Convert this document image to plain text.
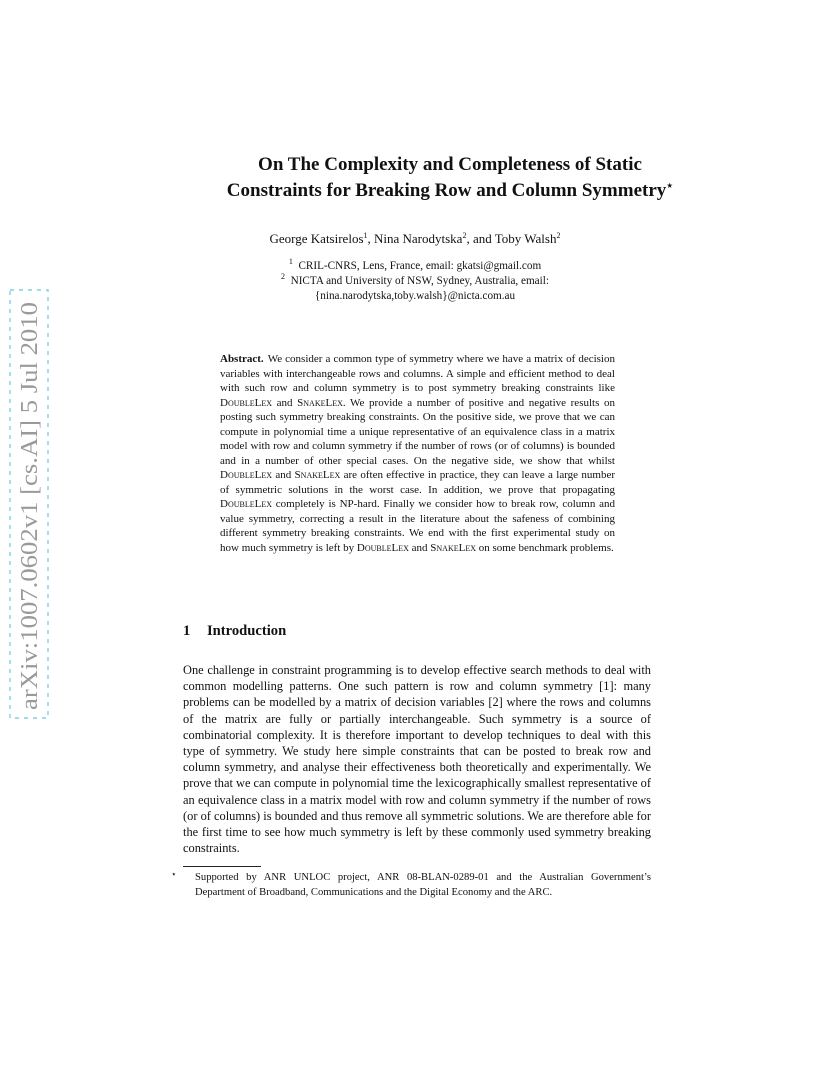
arXiv:1007.0602v1 [cs.AI] 5 Jul 2010
On The Complexity and Completeness of Static
Constraints for Breaking Row and Column Symmetry⋆
George Katsirelos$^1$, Nina Narodytska$^2$, and Toby Walsh$^2$
$^1$ CRIL-CNRS, Lens, France, email: gkatsi@gmail.com
$^2$ NICTA and University of NSW, Sydney, Australia, email:
{nina.narodytska,toby.walsh}@nicta.com.au
Abstract. We consider a common type of symmetry where we have a matrix of decision variables with interchangeable rows and columns. A simple and efficient method to deal with such row and column symmetry is to post symmetry breaking constraints like DoubleLex and SnakeLex. We provide a number of positive and negative results on posting such symmetry breaking constraints. On the positive side, we prove that we can compute in polynomial time a unique representative of an equivalence class in a matrix model with row and column symmetry if the number of rows (or of columns) is bounded and in a number of other special cases. On the negative side, we show that whilst DoubleLex and SnakeLex are often effective in practice, they can leave a large number of symmetric solutions in the worst case. In addition, we prove that propagating DoubleLex completely is NP-hard. Finally we consider how to break row, column and value symmetry, correcting a result in the literature about the safeness of combining different symmetry breaking constraints. We end with the first experimental study on how much symmetry is left by DoubleLex and SnakeLex on some benchmark problems.
1 Introduction
One challenge in constraint programming is to develop effective search methods to deal with common modelling patterns. One such pattern is row and column symmetry [1]: many problems can be modelled by a matrix of decision variables [2] where the rows and columns of the matrix are fully or partially interchangeable. Such symmetry is a source of combinatorial complexity. It is therefore important to develop techniques to deal with this type of symmetry. We study here simple constraints that can be posted to break row and column symmetry, and analyse their effectiveness both theoretically and experimentally. We prove that we can compute in polynomial time the lexicographically smallest representative of an equivalence class in a matrix model with row and column symmetry if the number of rows (or of columns) is bounded and thus remove all symmetric solutions. We are therefore able for the first time to see how much symmetry is left by these commonly used symmetry breaking constraints.
⋆ Supported by ANR UNLOC project, ANR 08-BLAN-0289-01 and the Australian Government’s Department of Broadband, Communications and the Digital Economy and the ARC.
